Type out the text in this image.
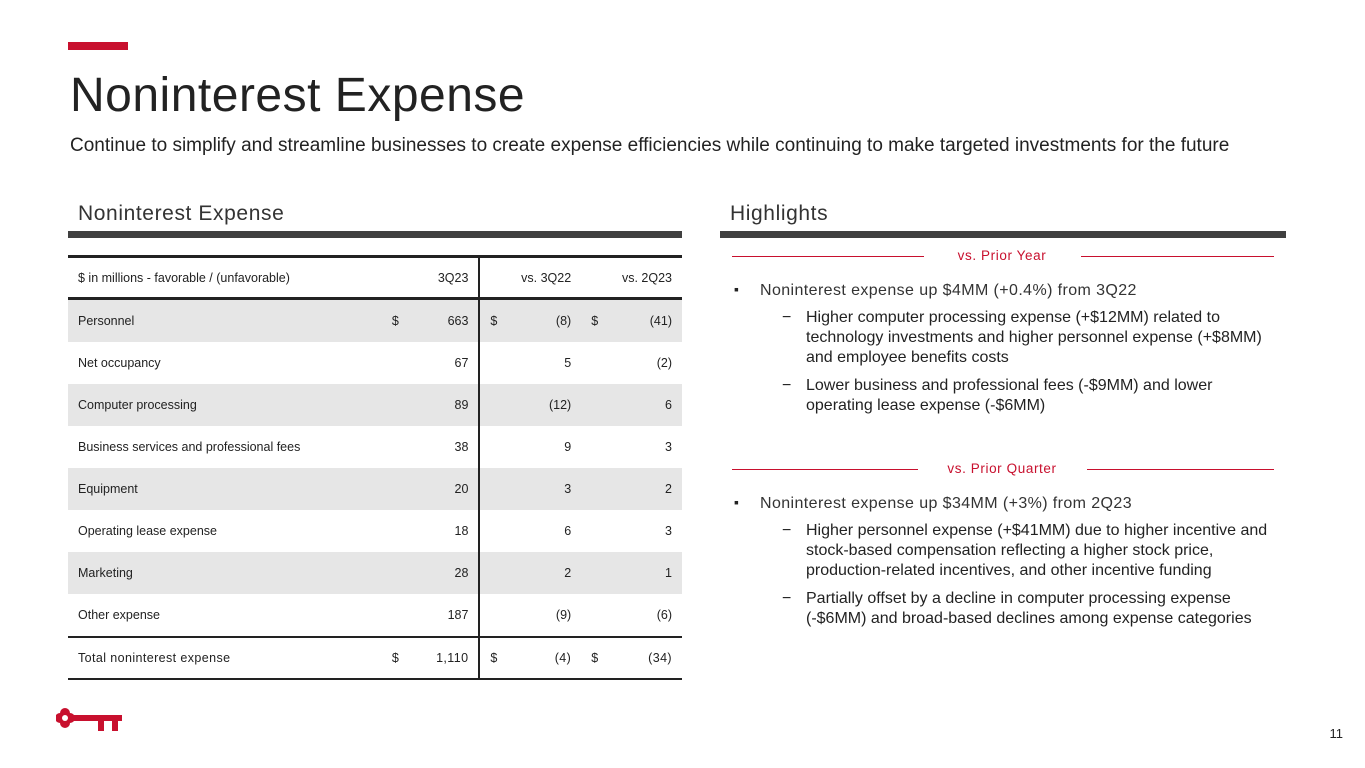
Noninterest Expense
Continue to simplify and streamline businesses to create expense efficiencies while continuing to make targeted investments for the future
Noninterest Expense
$ in millions - favorable / (unfavorable)	3Q23	vs. 3Q22	vs. 2Q23
Personnel	$ 663	$ (8)	$ (41)

Net occupancy	67	5	(2)

Computer processing	89	(12)	6

Business services and professional fees	38	9	3

Equipment	20	3	2

Operating lease expense	18	6	3

Marketing	28	2	1

Other expense	187	(9)	(6)

Total noninterest expense	$ 1,110	$ (4)	$ (34)
Highlights
vs. Prior Year
▪ Noninterest expense up $4MM (+0.4%) from 3Q22
− Higher computer processing expense (+$12MM) related to technology investments and higher personnel expense (+$8MM) and employee benefits costs
− Lower business and professional fees (-$9MM) and lower operating lease expense (-$6MM)
vs. Prior Quarter
▪ Noninterest expense up $34MM (+3%) from 2Q23
− Higher personnel expense (+$41MM) due to higher incentive and stock-based compensation reflecting a higher stock price, production-related incentives, and other incentive funding
− Partially offset by a decline in computer processing expense (-$6MM) and broad-based declines among expense categories
11
